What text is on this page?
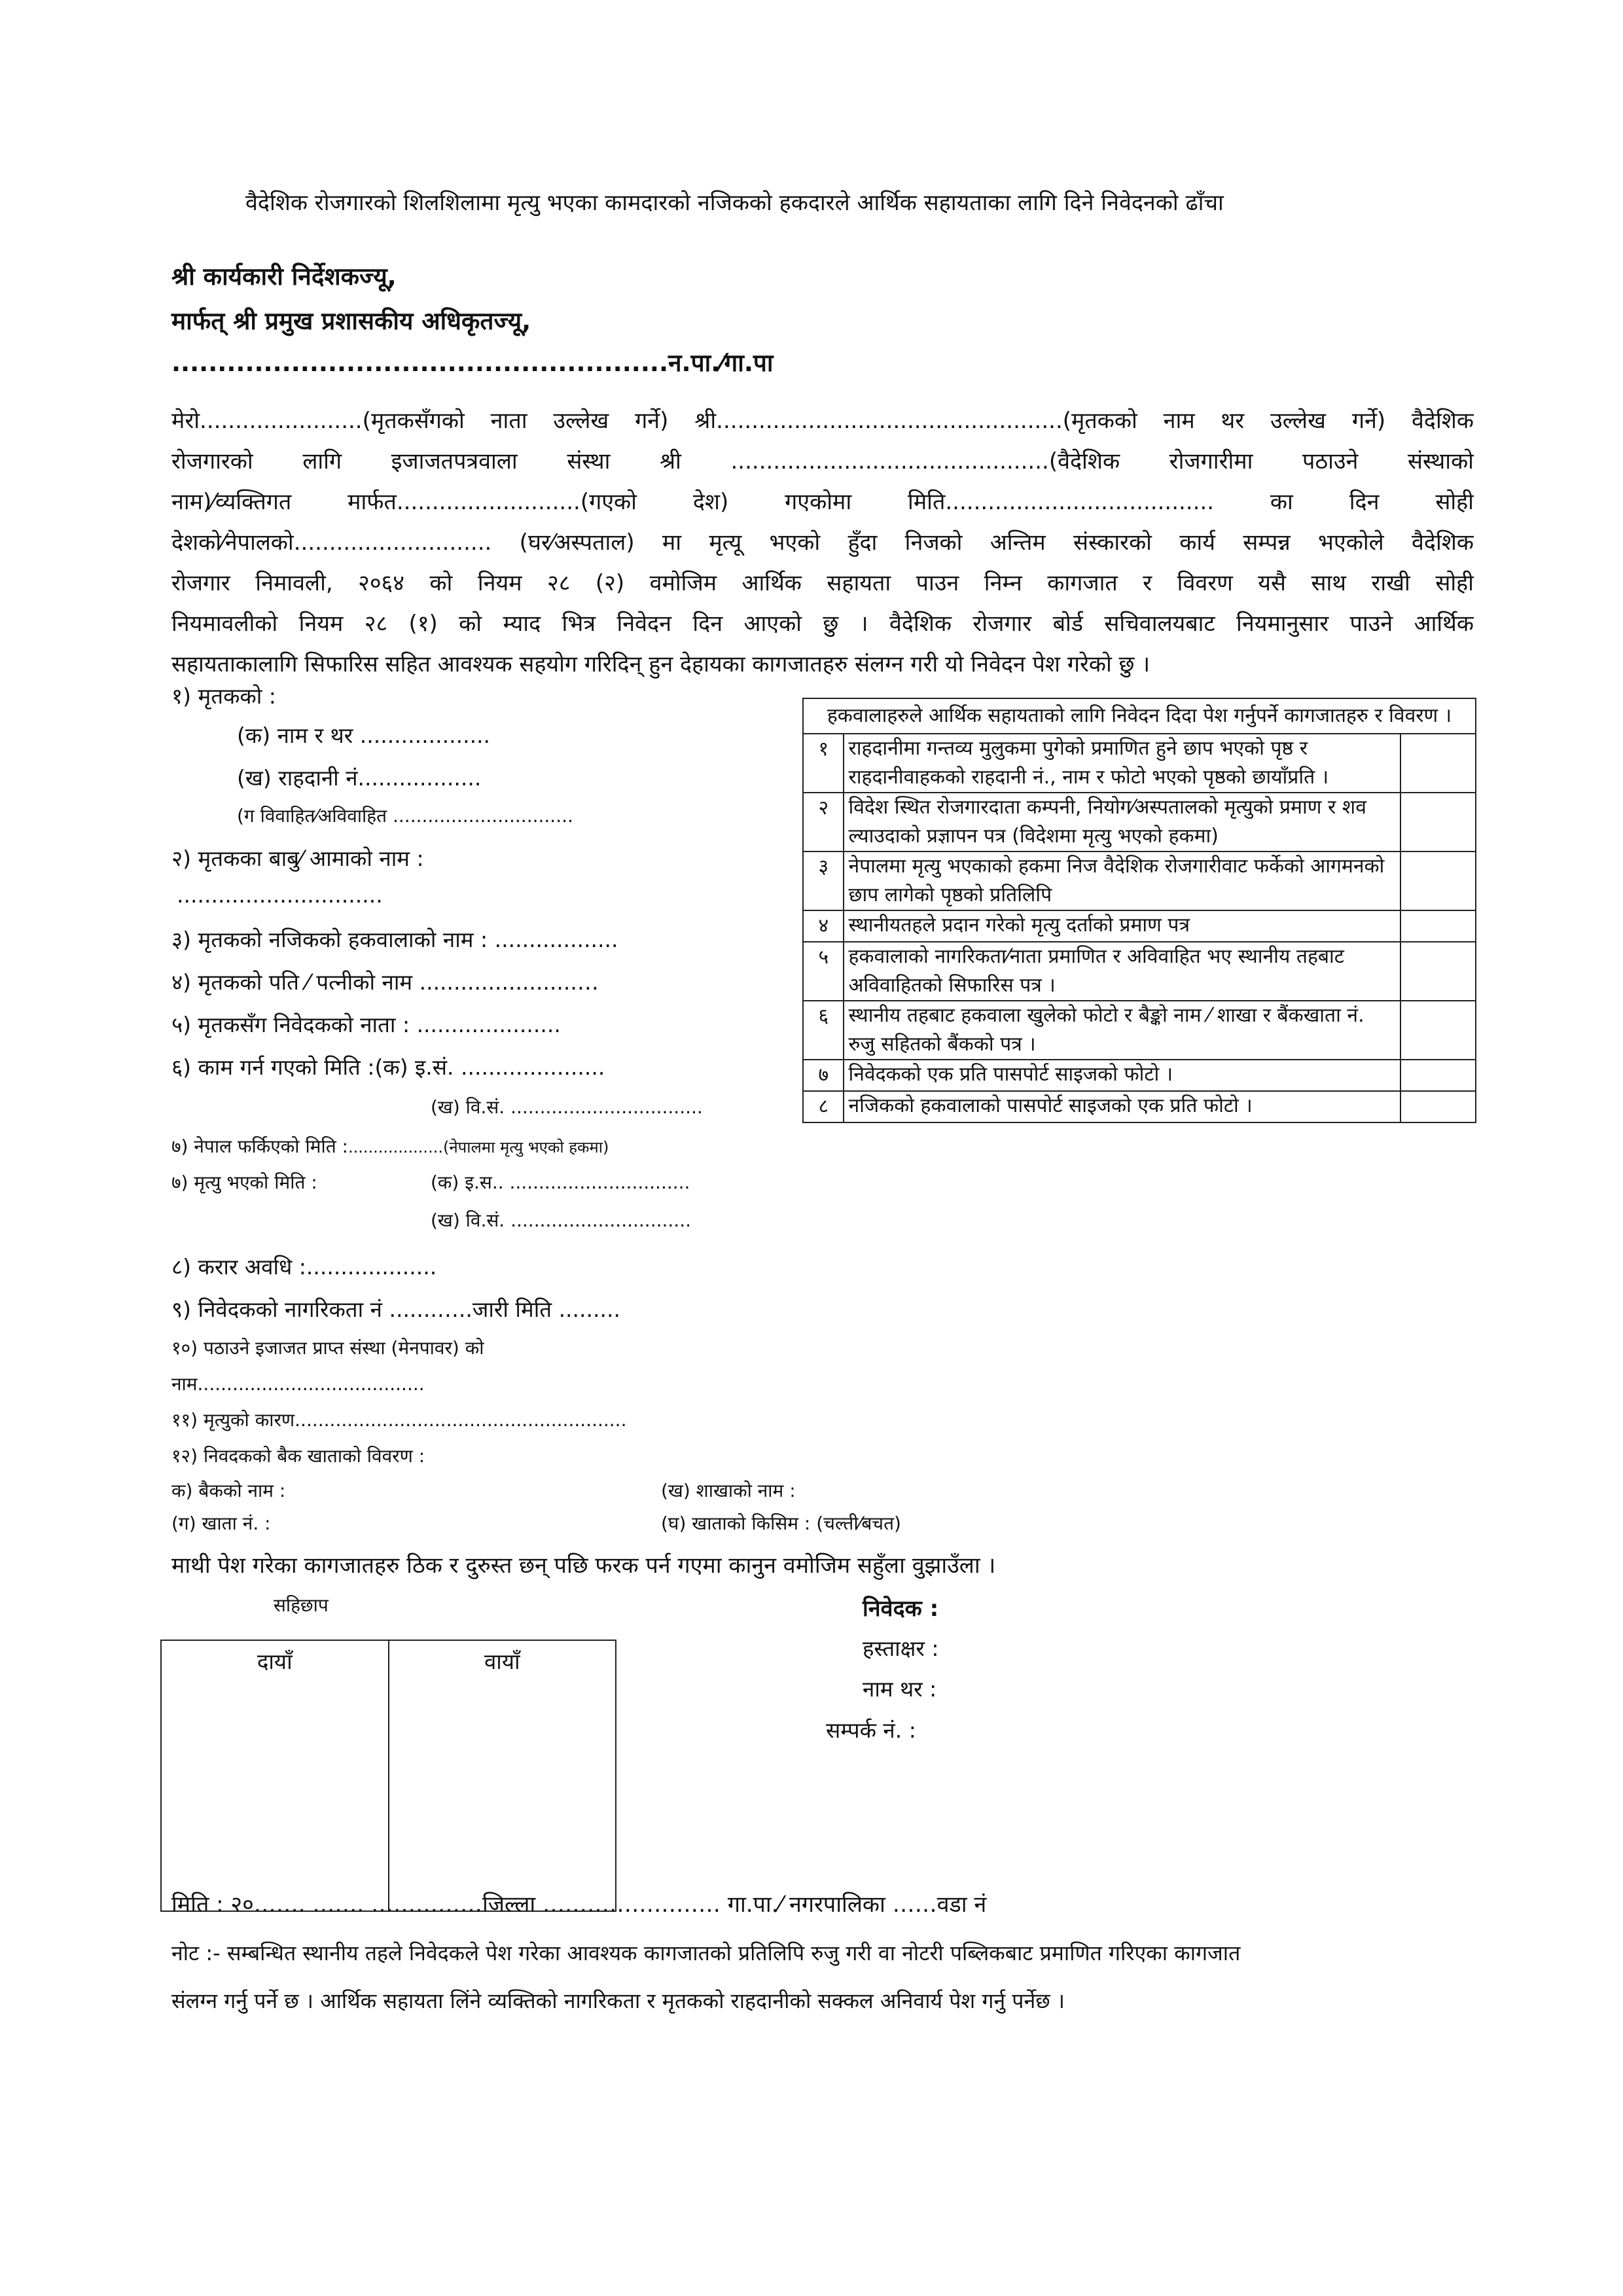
वैदेशिक रोजगारको शिलशिलामा मृत्यु भएका कामदारको नजिकको हकदारले आर्थिक सहायताका लागि दिने निवेदनको ढाँचा
श्री कार्यकारी निर्देशकज्यू,
मार्फत् श्री प्रमुख प्रशासकीय अधिकृतज्यू,
......................................................न.पा.⁄गा.पा
मेरो.......................(मृतकसँगको नाता उल्लेख गर्ने) श्री.................................................(मृतकको नाम थर उल्लेख गर्ने) वैदेशिक
रोजगारको लागि इजाजतपत्रवाला संस्था श्री .............................................(वैदेशिक रोजगारीमा पठाउने संस्थाको
नाम)⁄व्यक्तिगत मार्फत..........................(गएको देश) गएकोमा मिति...................................... का दिन सोही
देशको⁄नेपालको............................ (घर⁄अस्पताल) मा मृत्यू भएको हुँदा निजको अन्तिम संस्कारको कार्य सम्पन्न भएकोले वैदेशिक
रोजगार निमावली, २०६४ को नियम २८ (२) वमोजिम आर्थिक सहायता पाउन निम्न कागजात र विवरण यसै साथ राखी सोही
नियमावलीको नियम २८ (१) को म्याद भित्र निवेदन दिन आएको छु । वैदेशिक रोजगार बोर्ड सचिवालयबाट नियमानुसार पाउने आर्थिक
सहायताकालागि सिफारिस सहित आवश्यक सहयोग गरिदिन् हुन देहायका कागजातहरु संलग्न गरी यो निवेदन पेश गरेको छु ।
१) मृतकको :
(क) नाम र थर ...................
(ख) राहदानी नं..................
(ग विवाहित⁄अविवाहित ...............................
२) मृतकका बाबु⁄ आमाको नाम :
..............................
३) मृतकको नजिकको हकवालाको नाम : ..................
४) मृतकको पति ⁄ पत्नीको नाम .......................…
५) मृतकसँग निवेदकको नाता : .....................
६) काम गर्न गएको मिति :(क) इ.सं. .....................
(ख) वि.सं. .................................
७) नेपाल फर्किएको मिति :...................(नेपालमा मृत्यु भएको हकमा)
७) मृत्यु भएको मिति :	(क) इ.स.. ...............................
(ख) वि.सं. ...............................
८) करार अवधि :...................
९) निवेदकको नागरिकता नं .......…..जारी मिति .........
१०) पठाउने इजाजत प्राप्त संस्था (मेनपावर) को
नाम.......................................
११) मृत्युको कारण.........................................................
१२) निवदकको बैक खाताको विवरण :
क) बैकको नाम :	(ख) शाखाको नाम :
(ग) खाता नं. :	(घ) खाताको किसिम : (चल्ती⁄बचत)
हकवालाहरुले आर्थिक सहायताको लागि निवेदन दिदा पेश गर्नुपर्ने कागजातहरु र विवरण ।		
१	राहदानीमा गन्तव्य मुलुकमा पुगेको प्रमाणित हुने छाप भएको पृष्ठ र राहदानीवाहकको राहदानी नं., नाम र फोटो भएको पृष्ठको छायाँप्रति ।	
२	विदेश स्थित रोजगारदाता कम्पनी, नियोग⁄अस्पतालको मृत्युको प्रमाण र शव ल्याउदाको प्रज्ञापन पत्र (विदेशमा मृत्यु भएको हकमा)	
३	नेपालमा मृत्यु भएकाको हकमा निज वैदेशिक रोजगारीवाट फर्केको आगमनको छाप लागेको पृष्ठको प्रतिलिपि	
४	स्थानीयतहले प्रदान गरेको मृत्यु दर्ताको प्रमाण पत्र	
५	हकवालाको नागरिकता⁄नाता प्रमाणित र अविवाहित भए स्थानीय तहबाट अविवाहितको सिफारिस पत्र ।	
६	स्थानीय तहबाट हकवाला खुलेको फोटो र बैङ्को नाम ⁄ शाखा र बैंकखाता नं. रुजु सहितको बैंकको पत्र ।	
७	निवेदकको एक प्रति पासपोर्ट साइजको फोटो ।	
८	नजिकको हकवालाको पासपोर्ट साइजको एक प्रति फोटो ।	
माथी पेश गरेका कागजातहरु ठिक र दुरुस्त छन् पछि फरक पर्न गएमा कानुन वमोजिम सहुँला वुझाउँला ।
सहिछाप
दायाँ	वायाँ
निवेदक :
हस्ताक्षर :
नाम थर :
सम्पर्क नं. :
मिति : २०……. ……. ……………जिल्ला …………………… गा.पा.⁄ नगरपालिका ……वडा नं
नोट :- सम्बन्धित स्थानीय तहले निवेदकले पेश गरेका आवश्यक कागजातको प्रतिलिपि रुजु गरी वा नोटरी पब्लिकबाट प्रमाणित गरिएका कागजात
संलग्न गर्नु पर्ने छ । आर्थिक सहायता लिंने व्यक्तिको नागरिकता र मृतकको राहदानीको सक्कल अनिवार्य पेश गर्नु पर्नेछ ।
